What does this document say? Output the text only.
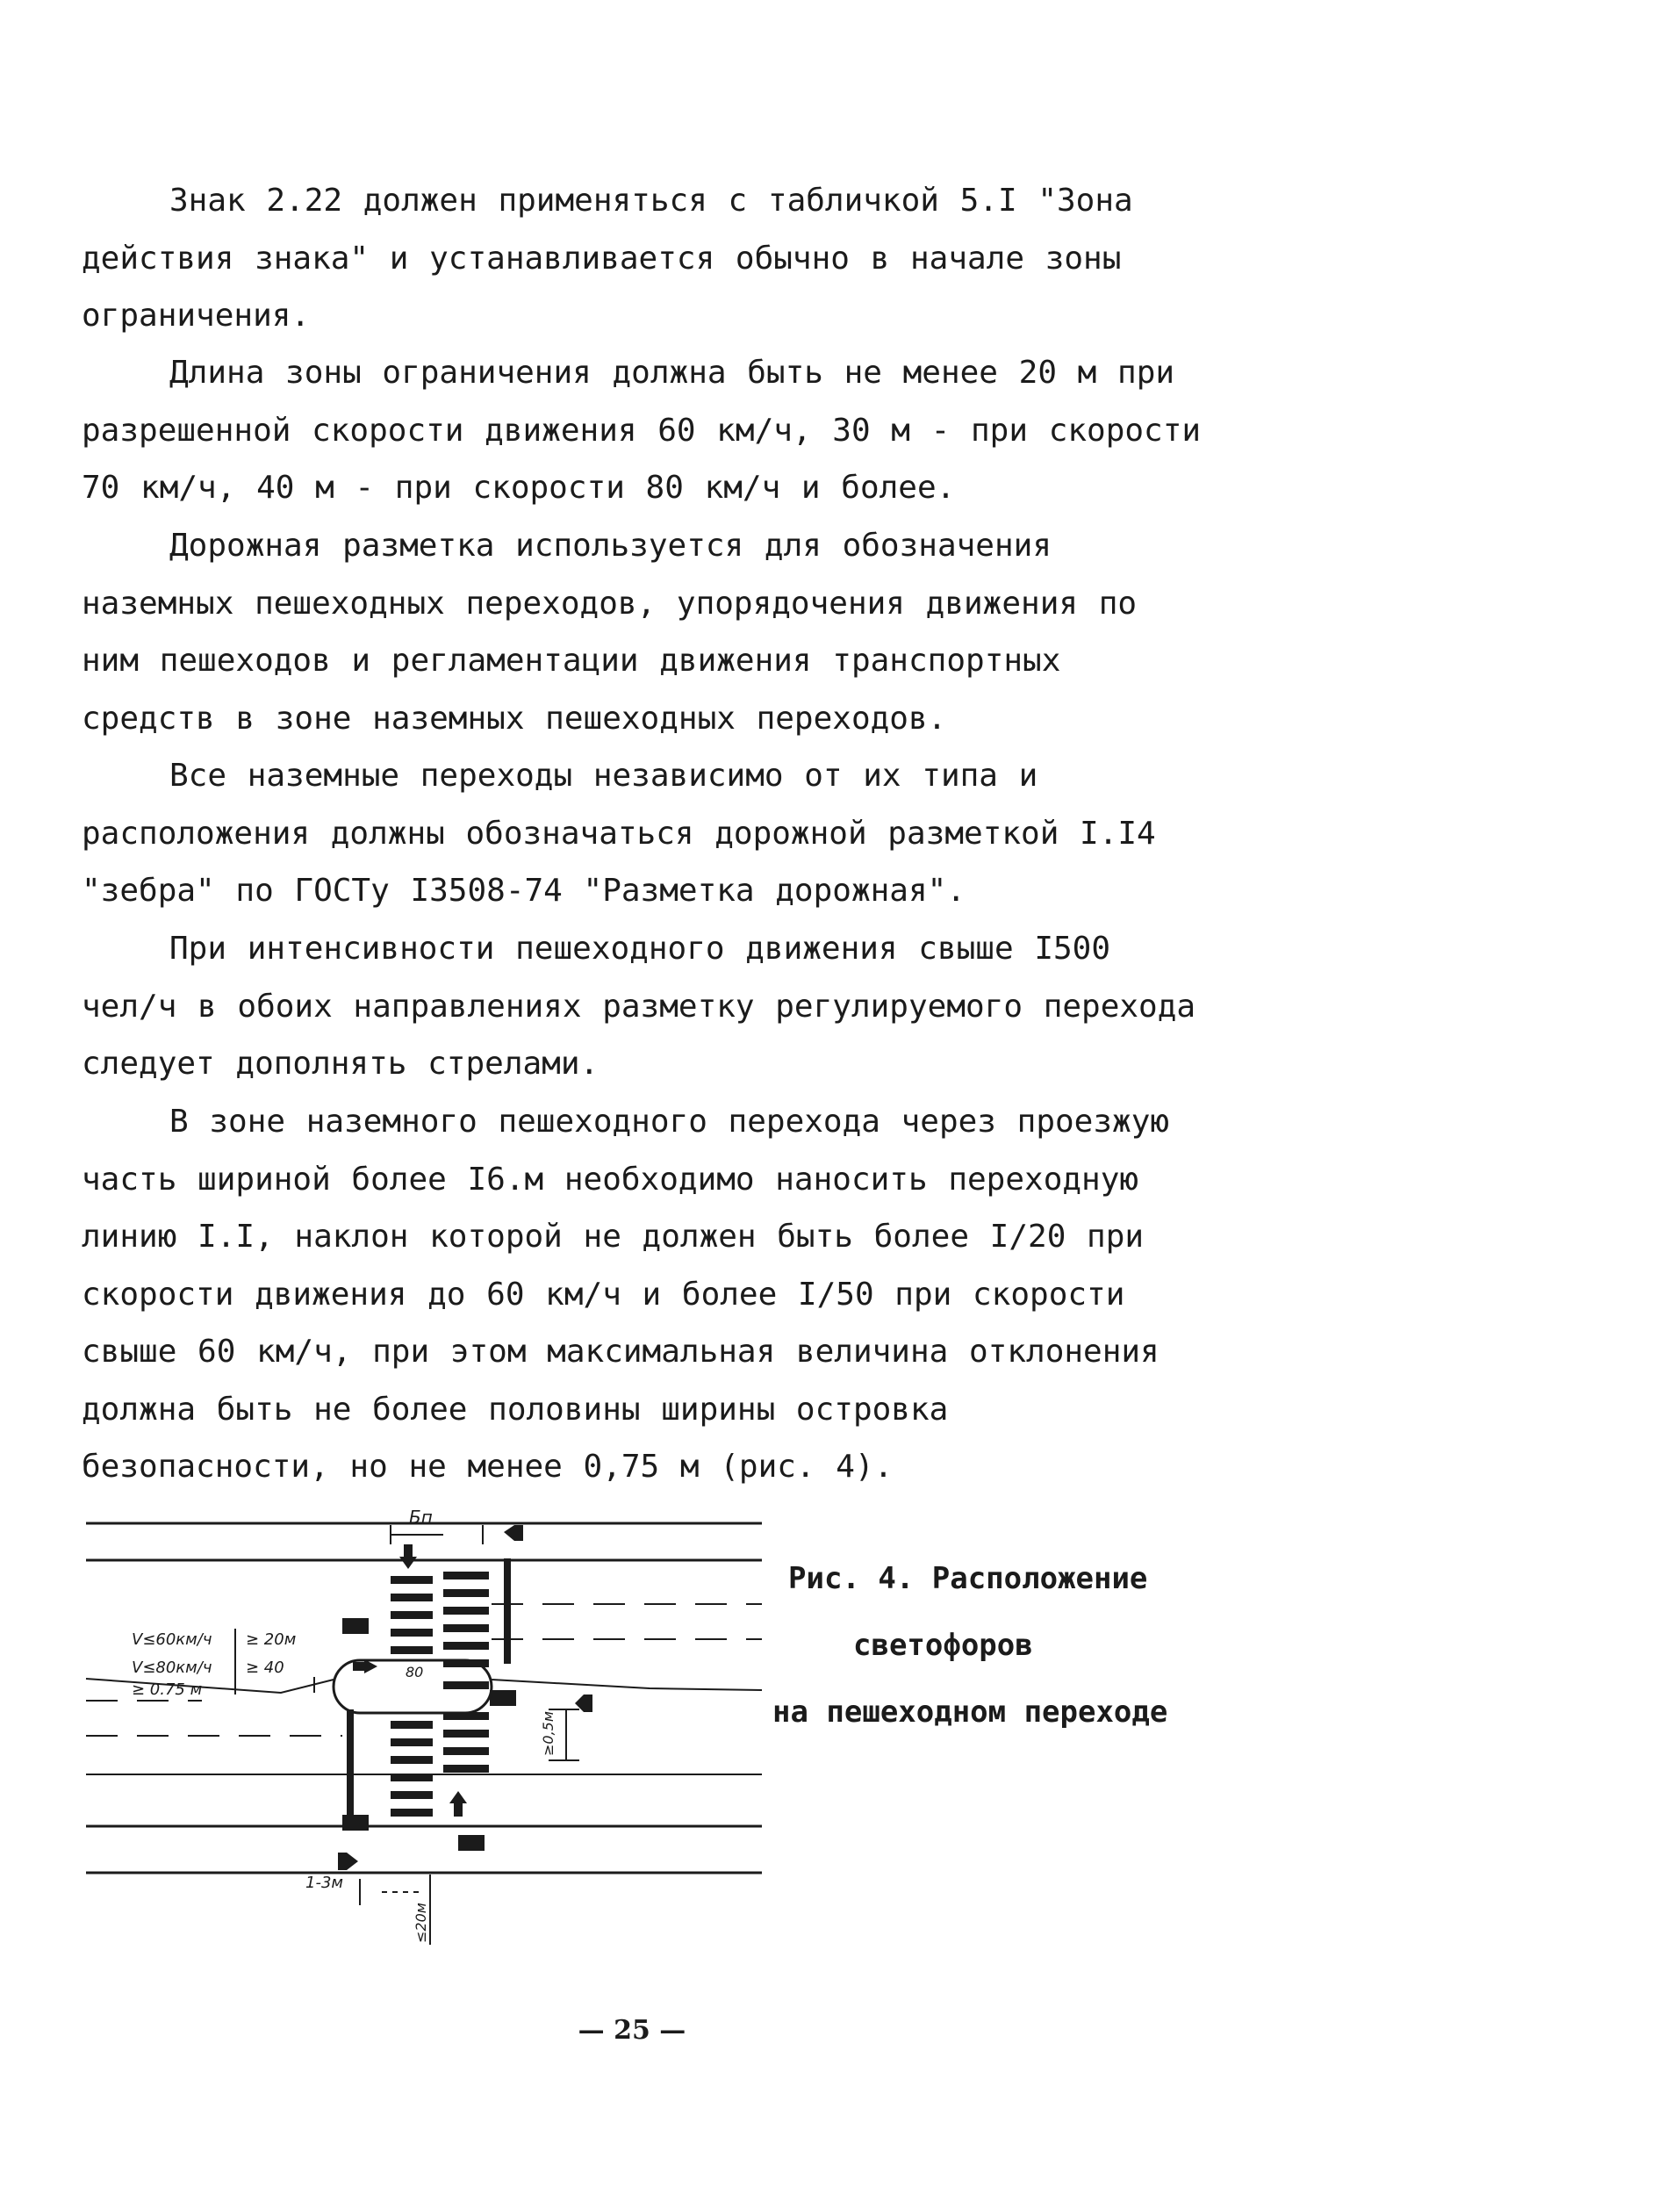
Знак 2.22 должен применяться с табличкой 5.I "Зона действия знака" и устанавливается обычно в начале зоны ограничения.

Длина зоны ограничения должна быть не менее 20 м при разрешенной скорости движения 60 км/ч, 30 м - при скорости 70 км/ч, 40 м - при скорости 80 км/ч и более.

Дорожная разметка используется для обозначения наземных пешеходных переходов, упорядочения движения по ним пешеходов и регламентации движения транспортных средств в зоне наземных пешеходных переходов.

Все наземные переходы независимо от их типа и расположения должны обозначаться дорожной разметкой I.I4 "зебра" по ГОСТу I3508-74 "Разметка дорожная".

При интенсивности пешеходного движения свыше I500 чел/ч в обоих направлениях разметку регулируемого перехода следует дополнять стрелами.

В зоне наземного пешеходного перехода через проезжую часть шириной более I6.м необходимо наносить переходную линию I.I, наклон которой не должен быть более I/20 при скорости движения до 60 км/ч и более I/50 при скорости свыше 60 км/ч, при этом максимальная величина отклонения должна быть не более половины ширины островка безопасности, но не менее 0,75 м (рис. 4).

Бп
V≤60км/ч ≥ 20м
V≤80км/ч ≥ 40
≥ 0.75 м
80
≥0,5м
1-3м
≤20м
Рис. 4. Расположение
светофоров
на пешеходном переходе
— 25 —
